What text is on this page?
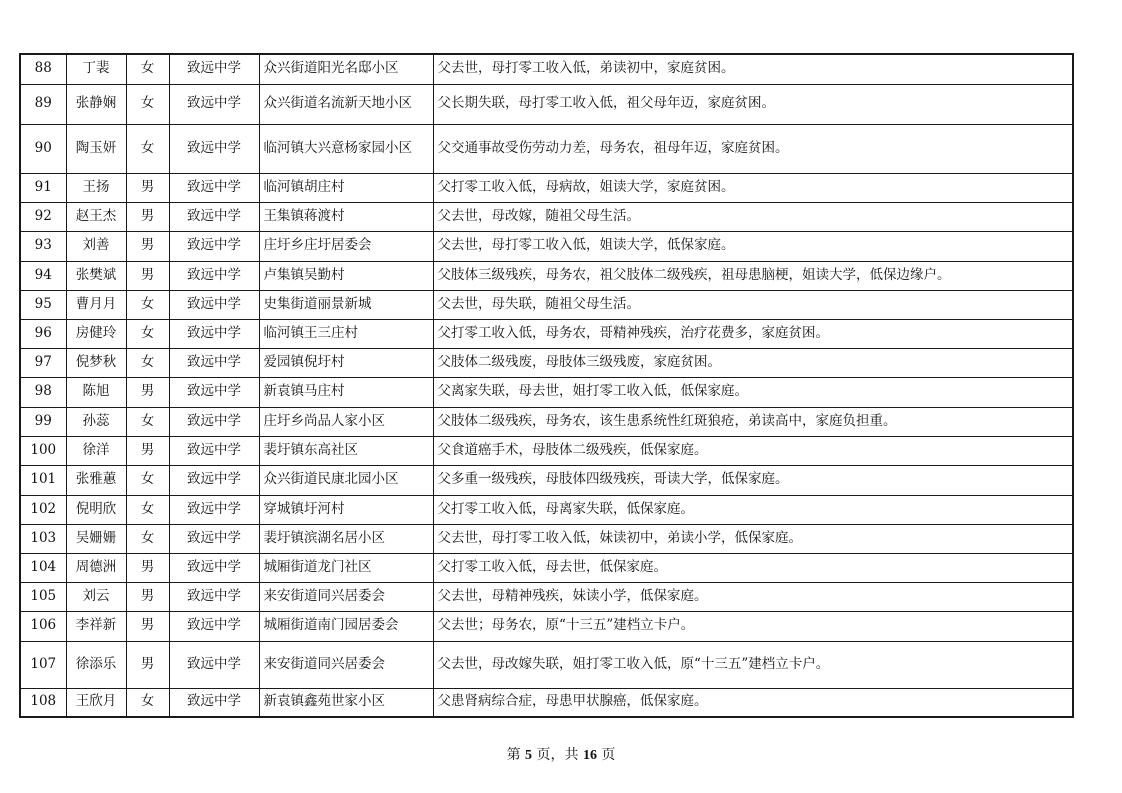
88	丁裴	女	致远中学	众兴街道阳光名邸小区	父去世，母打零工收入低，弟读初中，家庭贫困。
89	张静娴	女	致远中学	众兴街道名流新天地小区	父长期失联，母打零工收入低，祖父母年迈，家庭贫困。
90	陶玉妍	女	致远中学	临河镇大兴意杨家园小区	父交通事故受伤劳动力差，母务农，祖母年迈，家庭贫困。
91	王扬	男	致远中学	临河镇胡庄村	父打零工收入低，母病故，姐读大学，家庭贫困。
92	赵王杰	男	致远中学	王集镇蒋渡村	父去世，母改嫁，随祖父母生活。
93	刘善	男	致远中学	庄圩乡庄圩居委会	父去世，母打零工收入低，姐读大学，低保家庭。
94	张樊斌	男	致远中学	卢集镇吴勤村	父肢体三级残疾，母务农，祖父肢体二级残疾，祖母患脑梗，姐读大学，低保边缘户。
95	曹月月	女	致远中学	史集街道丽景新城	父去世，母失联，随祖父母生活。
96	房健玲	女	致远中学	临河镇王三庄村	父打零工收入低，母务农，哥精神残疾，治疗花费多，家庭贫困。
97	倪梦秋	女	致远中学	爱园镇倪圩村	父肢体二级残废，母肢体三级残废，家庭贫困。
98	陈旭	男	致远中学	新袁镇马庄村	父离家失联，母去世，姐打零工收入低，低保家庭。
99	孙蕊	女	致远中学	庄圩乡尚品人家小区	父肢体二级残疾，母务农，该生患系统性红斑狼疮，弟读高中，家庭负担重。
100	徐洋	男	致远中学	裴圩镇东高社区	父食道癌手术，母肢体二级残疾，低保家庭。
101	张雅蕙	女	致远中学	众兴街道民康北园小区	父多重一级残疾，母肢体四级残疾，哥读大学，低保家庭。
102	倪明欣	女	致远中学	穿城镇圩河村	父打零工收入低，母离家失联，低保家庭。
103	吴姗姗	女	致远中学	裴圩镇滨湖名居小区	父去世，母打零工收入低，妹读初中，弟读小学，低保家庭。
104	周德洲	男	致远中学	城厢街道龙门社区	父打零工收入低，母去世，低保家庭。
105	刘云	男	致远中学	来安街道同兴居委会	父去世，母精神残疾，妹读小学，低保家庭。
106	李祥新	男	致远中学	城厢街道南门园居委会	父去世；母务农，原“十三五”建档立卡户。
107	徐添乐	男	致远中学	来安街道同兴居委会	父去世，母改嫁失联，姐打零工收入低，原“十三五”建档立卡户。
108	王欣月	女	致远中学	新袁镇鑫苑世家小区	父患肾病综合症，母患甲状腺癌，低保家庭。
第 5 页，共 16 页
